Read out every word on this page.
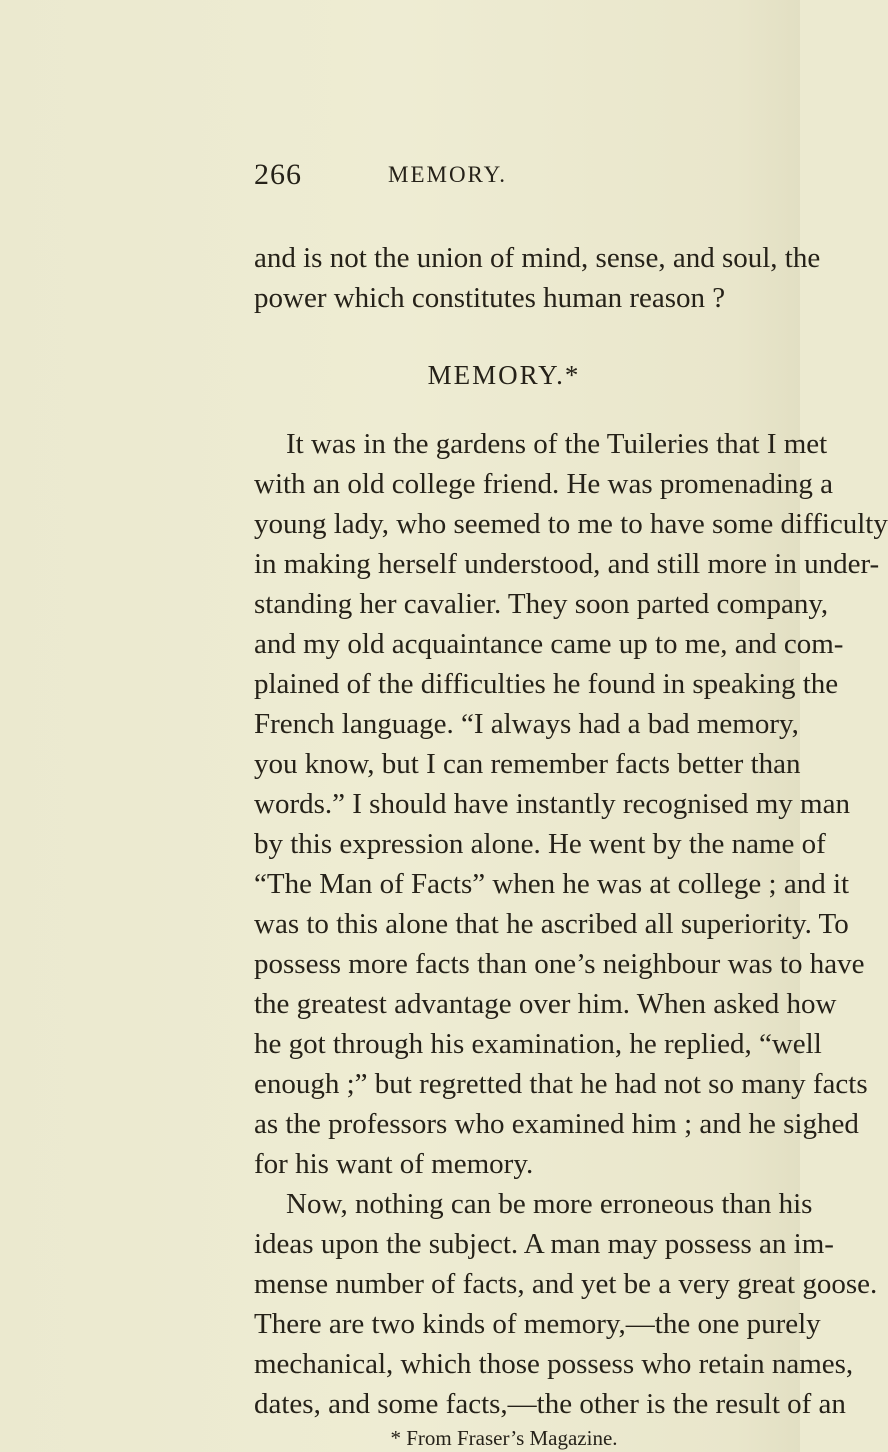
266	MEMORY.
and is not the union of mind, sense, and soul, the
power which constitutes human reason ?
MEMORY.*
It was in the gardens of the Tuileries that I met
with an old college friend. He was promenading a
young lady, who seemed to me to have some difficulty
in making herself understood, and still more in under-
standing her cavalier. They soon parted company,
and my old acquaintance came up to me, and com-
plained of the difficulties he found in speaking the
French language. “I always had a bad memory,
you know, but I can remember facts better than
words.” I should have instantly recognised my man
by this expression alone. He went by the name of
“The Man of Facts” when he was at college ; and it
was to this alone that he ascribed all superiority. To
possess more facts than one’s neighbour was to have
the greatest advantage over him. When asked how
he got through his examination, he replied, “well
enough ;” but regretted that he had not so many facts
as the professors who examined him ; and he sighed
for his want of memory.
Now, nothing can be more erroneous than his
ideas upon the subject. A man may possess an im-
mense number of facts, and yet be a very great goose.
There are two kinds of memory,—the one purely
mechanical, which those possess who retain names,
dates, and some facts,—the other is the result of an
* From Fraser’s Magazine.
